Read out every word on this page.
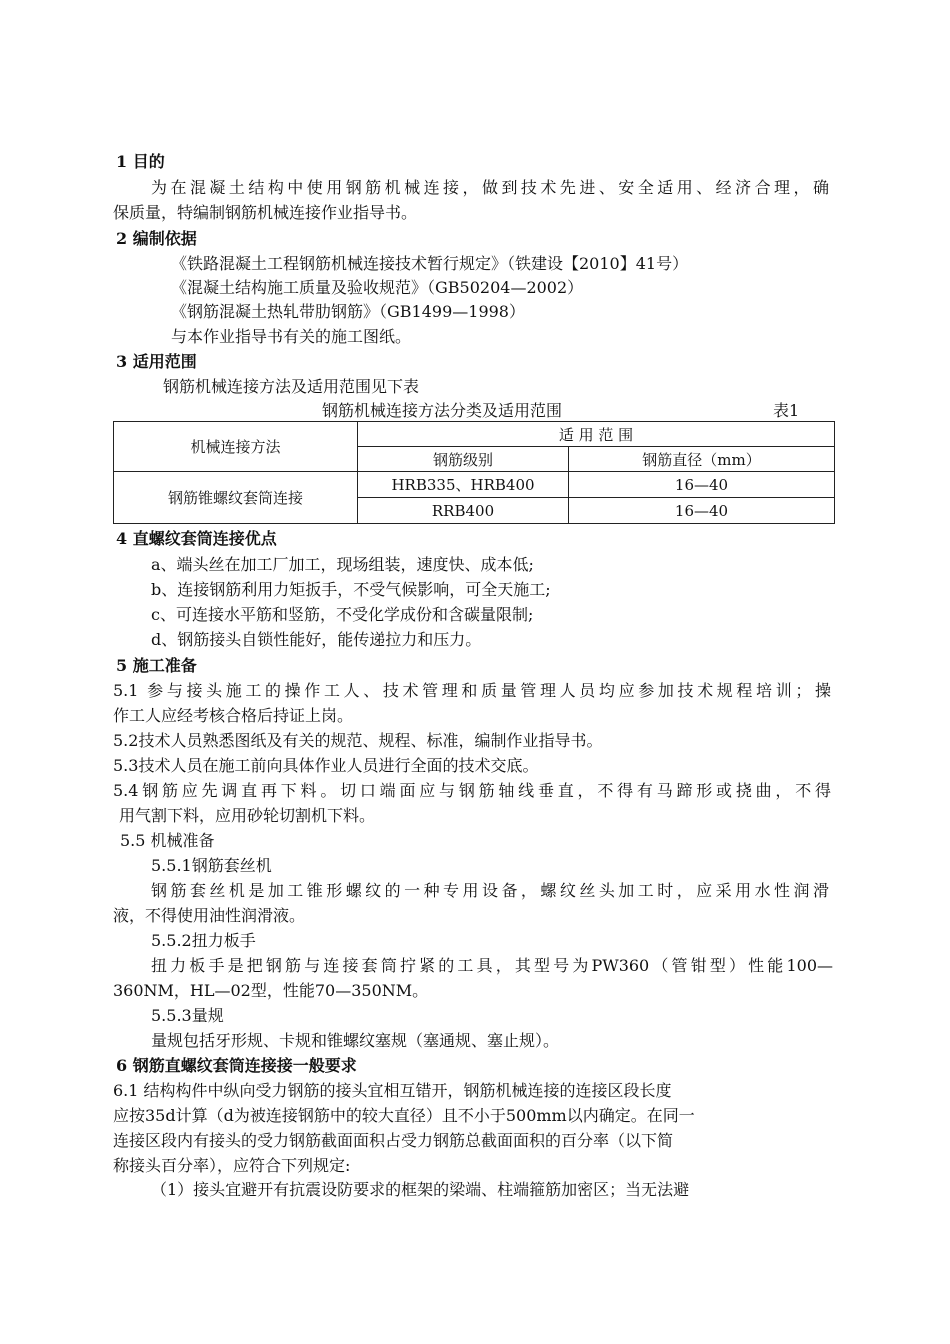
1 目的
为在混凝土结构中使用钢筋机械连接，做到技术先进、安全适用、经济合理，确
保质量，特编制钢筋机械连接作业指导书。
2 编制依据
《铁路混凝土工程钢筋机械连接技术暂行规定》（铁建设【2010】41号）
《混凝土结构施工质量及验收规范》（GB50204—2002）
《钢筋混凝土热轧带肋钢筋》（GB1499—1998）
与本作业指导书有关的施工图纸。
3 适用范围
钢筋机械连接方法及适用范围见下表
钢筋机械连接方法分类及适用范围	表1
机械连接方法	适 用 范 围	
	钢筋级别	钢筋直径（mm）
钢筋锥螺纹套筒连接	HRB335、HRB400	16—40
	RRB400	16—40
4 直螺纹套筒连接优点
a、端头丝在加工厂加工，现场组装，速度快、成本低;
b、连接钢筋利用力矩扳手，不受气候影响，可全天施工;
c、可连接水平筋和竖筋，不受化学成份和含碳量限制;
d、钢筋接头自锁性能好，能传递拉力和压力。
5 施工准备
5.1 参与接头施工的操作工人、技术管理和质量管理人员均应参加技术规程培训；操
作工人应经考核合格后持证上岗。
5.2技术人员熟悉图纸及有关的规范、规程、标准，编制作业指导书。
5.3技术人员在施工前向具体作业人员进行全面的技术交底。
5.4钢筋应先调直再下料。切口端面应与钢筋轴线垂直，不得有马蹄形或挠曲，不得
用气割下料，应用砂轮切割机下料。
5.5 机械准备
5.5.1钢筋套丝机
钢筋套丝机是加工锥形螺纹的一种专用设备，螺纹丝头加工时，应采用水性润滑
液，不得使用油性润滑液。
5.5.2扭力板手
扭力板手是把钢筋与连接套筒拧紧的工具，其型号为PW360（管钳型）性能100—
360NM，HL—02型，性能70—350NM。
5.5.3量规
量规包括牙形规、卡规和锥螺纹塞规（塞通规、塞止规）。
6 钢筋直螺纹套筒连接接一般要求
6.1 结构构件中纵向受力钢筋的接头宜相互错开，钢筋机械连接的连接区段长度
应按35d计算（d为被连接钢筋中的较大直径）且不小于500mm以内确定。在同一
连接区段内有接头的受力钢筋截面面积占受力钢筋总截面面积的百分率（以下简
称接头百分率），应符合下列规定:
（1）接头宜避开有抗震设防要求的框架的梁端、柱端箍筋加密区；当无法避
